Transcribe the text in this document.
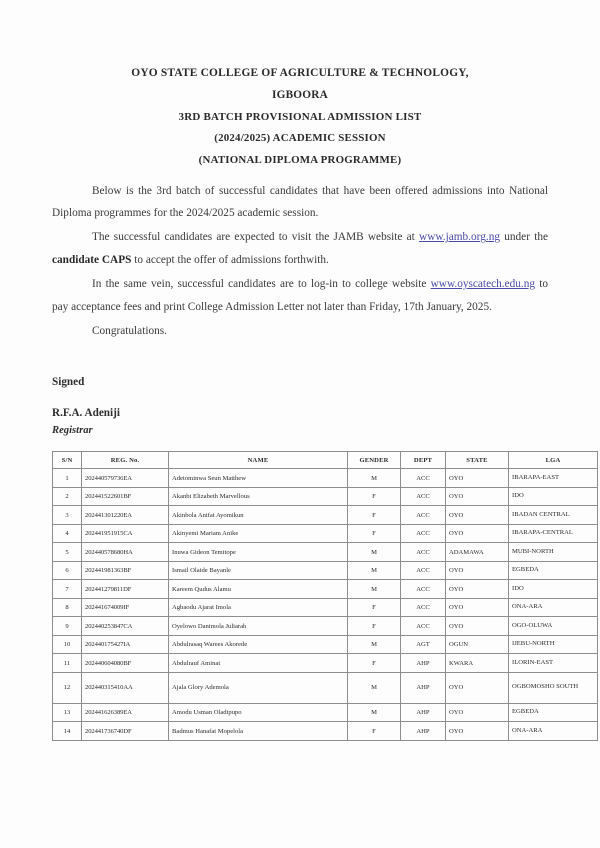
OYO STATE COLLEGE OF AGRICULTURE & TECHNOLOGY,
IGBOORA
3RD BATCH PROVISIONAL ADMISSION LIST
(2024/2025) ACADEMIC SESSION
(NATIONAL DIPLOMA PROGRAMME)

Below is the 3rd batch of successful candidates that have been offered admissions into National Diploma programmes for the 2024/2025 academic session.

The successful candidates are expected to visit the JAMB website at www.jamb.org.ng under the candidate CAPS to accept the offer of admissions forthwith.

In the same vein, successful candidates are to log-in to college website www.oyscatech.edu.ng to pay acceptance fees and print College Admission Letter not later than Friday, 17th January, 2025.

Congratulations.

Signed
R.F.A. Adeniji
Registrar
S/N	REG. No.	NAME	GENDER	DEPT	STATE	LGA
1	202440579736EA	Adetominwa Seun Matthew	M	ACC	OYO	IBARAPA-EAST
2	202441522601BF	Akanbi Elizabeth Marvellous	F	ACC	OYO	IDO
3	202441301220EA	Akinbola Anifat Ayomikun	F	ACC	OYO	IBADAN CENTRAL
4	202441951915CA	Akinyemi Mariam Anike	F	ACC	OYO	IBARAPA-CENTRAL
5	202440578680HA	Inuwa Gideon Temitope	M	ACC	ADAMAWA	MUBI-NORTH
6	202441981363BF	Ismail Olaide Bayanle	M	ACC	OYO	EGBEDA
7	202441279811DF	Kareem Qudus Alamu	M	ACC	OYO	IDO
8	202441674009IF	Agbaodu Ajarat Imola	F	ACC	OYO	ONA-ARA
9	202440253847CA	Oyelowo Danimola Juliarah	F	ACC	OYO	OGO-OLUWA
10	202440175427IA	Abdulrasaq Warees Akorede	M	AGT	OGUN	IJEBU-NORTH
11	202440604080BF	Abdulrauf Aminat	F	AHP	KWARA	ILORIN-EAST
12	202440315410AA	Ajala Glory Ademola	M	AHP	OYO	OGBOMOSHO SOUTH
13	202441626389EA	Amodu Usman Oladipupo	M	AHP	OYO	EGBEDA
14	202441736740DF	Badmus Hanafat Mopelola	F	AHP	OYO	ONA-ARA
